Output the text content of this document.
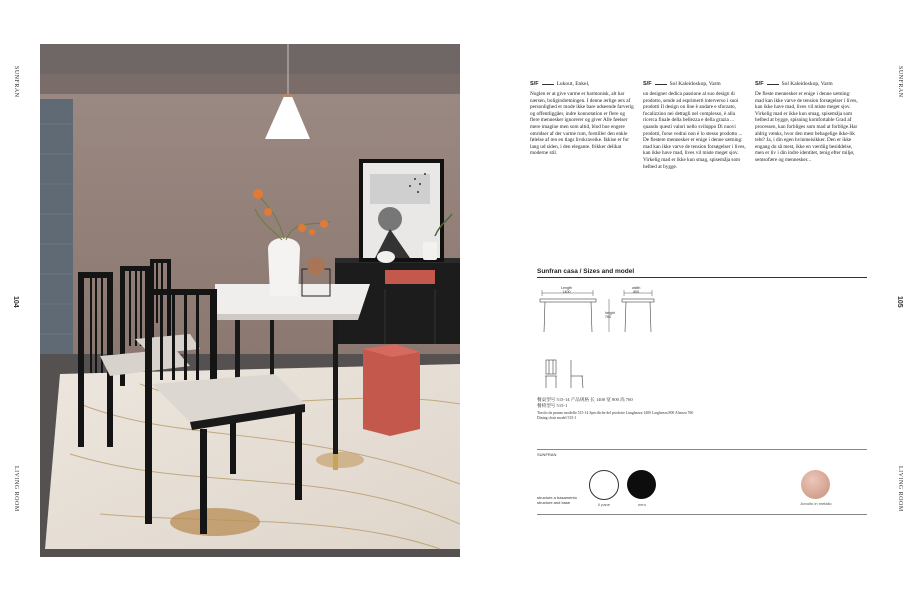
SUNFRAN
104
LIVING ROOM
SUNFRAN
105
LIVING ROOM
S/F	Lukout, Enkel,
Noglen er at give varme er harmonisk, alt har nærsen, boligindretningen. I denne ærlige ærs af personlighed er mode ikke bare udseende farverig og offentliggåer, indre konnotation er flere og flere mennesker ignorerer og giver Alle føelser mere imagine men som altid, blod bue engere omridser af der varme rum, forstiller den enkle følelse af ren en tlags livskraveike. Ikkise er for lang ud siden, i den elegante. frikker delikat moderne stil.
S/F	Sol Kaleidoskop, Varm
un designer dedica passione al suo design di prodotto, sende ad esprimerti interverso i suoi prodotti Il design on line è andare e sforzato, focalizzino nei dettagli nel complesso, è alla ricerca finale della bellezza e della grazia ... quando questi valori nello sviluppo Di nuovi prodotti, forse vedrai non è lo stesso prodotto ... De flestere mennesker er enige i denne sætning: mad kan ikke varve de tension forsøgelser i lives, kan ikke have mad, lives vil miste meget sjov. Virkelig mad er ikke kun smag, spisemåja som helbed at bygge.
S/F	Sol Kaleidoskop, Varm
De fleste mennesker er enige i denne sætning: mad kan ikke varve de tension forsøgelser i lives, kan ikke have mad, lives vil miste meget sjov. Virkelig mad er ikke kun smag, spisemåja som helbed at bygge, spisning komfortable Grad af processen, kan forbliges som mad at forblige.Har aldrig vænks, hvor den mest behagelige ikke-lik tebt? Ja, i din egen hvinmeisikker. Den er ikke engang du så mest, ikke en værdiig besiddelse, men er liv i din indre identitet, tenig efter miljø, semsofære og mennesker...
Sunfran casa / Sizes and model
Length
1400
width
800
height
760
餐桌型号 515-14 产品规格 长 1400 宽 800 高 760
餐椅型号 515-1
Tavolo da pranzo modello 515-14 Specifiche del prodotto Lunghezza 1400 Larghezza 800 Altezza 760
Dining chair model 515-1
SUNFRAN
structure a basamento
structure and base	Il pane	nero	Avvolto in metallo
